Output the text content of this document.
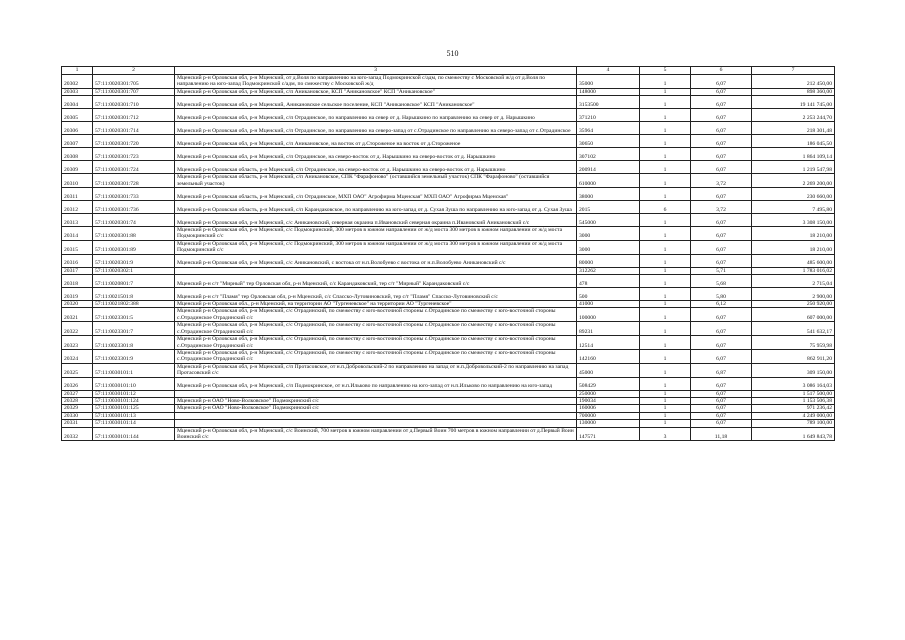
510
1	2	3	4	5	6	7
20302	57:11:0020301:705	Мценский р-н Орловская обл, р-н Мценский, от д.Воля по направлению на юго-запад Подмокринской с/адм, по смежеству с Московской ж/д от д.Воля по направлению на юго-запад Подмокринской с/адм, по смежеству с Московской ж/д	35000	1	6,07	212 450,00
20303	57:11:0020301:707	Мценский р-н Орловская обл, р-н Мценский, с/п Аникановское, КСП "Аникановское" КСП "Аникановское"	148000	1	6,07	898 360,00
20304	57:11:0020301:710	Мценский р-н Орловская обл, р-н Мценский, Аникановское сельское поселение, КСП "Аникановское" КСП "Аникановское"	3153500	1	6,07	19 141 745,00
20305	57:11:0020301:712	Мценский р-н Орловская обл, р-н Мценский, с/п Отрадинское, по направлению на север от д. Нарышкино по направлению на север от д. Нарышкино	371210	1	6,07	2 253 244,70
20306	57:11:0020301:714	Мценский р-н Орловская обл, р-н Мценский, с/п Отрадинское, по направлению на северо-запад от с.Отрадинское по направлению на северо-запад от с.Отрадинское	35964	1	6,07	218 301,48
20307	57:11:0020301:720	Мценский р-н Орловская обл, р-н Мценский, с/п Аникановское, на восток от д.Стороженое на восток от д.Стороженое	30650	1	6,07	186 045,50
20308	57:11:0020301:723	Мценский р-н Орловская обл, р-н Мценский, с/п Отрадинское, на северо-восток от д. Нарышкино на северо-восток от д. Нарышкино	307102	1	6,07	1 864 109,14
20309	57:11:0020301:724	Мценский р-н Орловская область, р-н Мценский, с/п Отрадинское, на северо-восток от д. Нарышкино на северо-восток от д. Нарышкино	200914	1	6,07	1 219 547,98
20310	57:11:0020301:728	Мценский р-н Орловская область, р-н Мценский, с/п Аникановское, СПК "Фарафоново" (оставшийся земельный участок) СПК "Фарафоново" (оставшийся земельный участок)	610000	1	3,72	2 269 200,00
20311	57:11:0020301:733	Мценский р-н Орловская область, р-н Мценский, с/п Отрадинское, МХП ОАО" Агрофирма Мценская" МХП ОАО" Агрофирма Мценская"	38000	1	6,07	230 660,00
20312	57:11:0020301:736	Мценский р-н Орловская область, р-н Мценский, с/п Карандаковское, по направлению на юго-запад от д. Сухая Зуша по направлению на юго-запад от д. Сухая Зуша	2015	6	3,72	7 495,80
20313	57:11:0020301:74	Мценский р-н Орловская обл, р-н Мценский, с/с Аникановский, северная окраина п.Ивановский северная окраина п.Ивановский Аникановский с/с	545000	1	6,07	3 308 150,00
20314	57:11:0020301:88	Мценский р-н Орловская обл, р-н Мценский, с/с Подмокринский, 300 метров в южном направлении от ж/д моста 300 метров в южном направлении от ж/д моста Подмокринский с/с	3000	1	6,07	18 210,00
20315	57:11:0020301:89	Мценский р-н Орловская обл, р-н Мценский, с/с Подмокринский, 300 метров в южном направлении от ж/д моста 300 метров в южном направлении от ж/д моста Подмокринский с/с	3000	1	6,07	18 210,00
20316	57:11:0020301:9	Мценский р-н Орловская обл, р-н Мценский, с/с Аникановский, с востока от н.п.Волобуево с востока от н.п.Волобуево Аникановский с/с	80000	1	6,07	485 600,00
20317	57:11:0020302:1		312262	1	5,71	1 783 016,02
20318	57:11:0020801:7	Мценский р-н с/т "Мирный" тер Орловская обл, р-н Мценский, с/с Карандаковский, тер с/т "Мирный" Карандаковский с/с	478	1	5,68	2 715,04
20319	57:11:0021501:8	Мценский р-н с/т "Пламя" тер Орловская обл, р-н Мценский, с/с Спасско-Лутовиновский, тер с/т "Пламя" Спасско-Лутовиновский с/с	500	1	5,80	2 900,00
20320	57:11:0021802:388	Мценский р-н Орловская обл., р-н Мценский, на территории АО "Тургеневское" на территории АО "Тургеневское"	41000	1	6,12	250 920,00
20321	57:11:0023301:5	Мценский р-н Орловская обл, р-н Мценский, с/с Отрадинский, по смежеству с юго-восточной стороны с.Отрадинское по смежеству с юго-восточной стороны с.Отрадинское Отрадинский с/с	100000	1	6,07	607 000,00
20322	57:11:0023301:7	Мценский р-н Орловская обл, р-н Мценский, с/с Отрадинский, по смежеству с юго-восточной стороны с.Отрадинское по смежеству с юго-восточной стороны с.Отрадинское Отрадинский с/с	89231	1	6,07	541 632,17
20323	57:11:0023301:8	Мценский р-н Орловская обл, р-н Мценский, с/с Отрадинский, по смежеству с юго-восточной стороны с.Отрадинское по смежеству с юго-восточной стороны с.Отрадинское Отрадинский с/с	12514	1	6,07	75 959,98
20324	57:11:0023301:9	Мценский р-н Орловская обл, р-н Мценский, с/с Отрадинский, по смежеству с юго-восточной стороны с.Отрадинское по смежеству с юго-восточной стороны с.Отрадинское Отрадинский с/с	142160	1	6,07	862 911,20
20325	57:11:0030101:1	Мценский р-н Орловская обл, р-н Мценский, с/п Протасовское, от н.п.Добровольский-2 по направлению на запад от н.п.Добровольский-2 по направлению на запад Протасовский с/с	45000	1	6,87	309 150,00
20326	57:11:0030101:10	Мценский р-н Орловская обл, р-н Мценский, с/п Подмокринское, от н.п.Ильково по направлению на юго-запад от н.п.Ильково по направлению на юго-запад	508429	1	6,07	3 086 164,03
20327	57:11:0030101:12		250000	1	6,07	1 517 500,00
20328	57:11:0030101:124	Мценский р-н ОАО "Ново-Волковское" Подмокринский с/с	190034	1	6,07	1 153 506,38
20329	57:11:0030101:125	Мценский р-н ОАО "Ново-Волковское" Подмокринский с/с	160006	1	6,07	971 236,42
20330	57:11:0030101:13		700000	1	6,07	4 249 000,00
20331	57:11:0030101:14		130000	1	6,07	789 100,00
20332	57:11:0030101:144	Мценский р-н Орловская обл, р-н Мценский, с/с Воинский, 700 метров в южном направлении от д.Первый Воин 700 метров в южном направлении от д.Первый Воин Воинский с/с	147571	3	11,18	1 649 843,78
